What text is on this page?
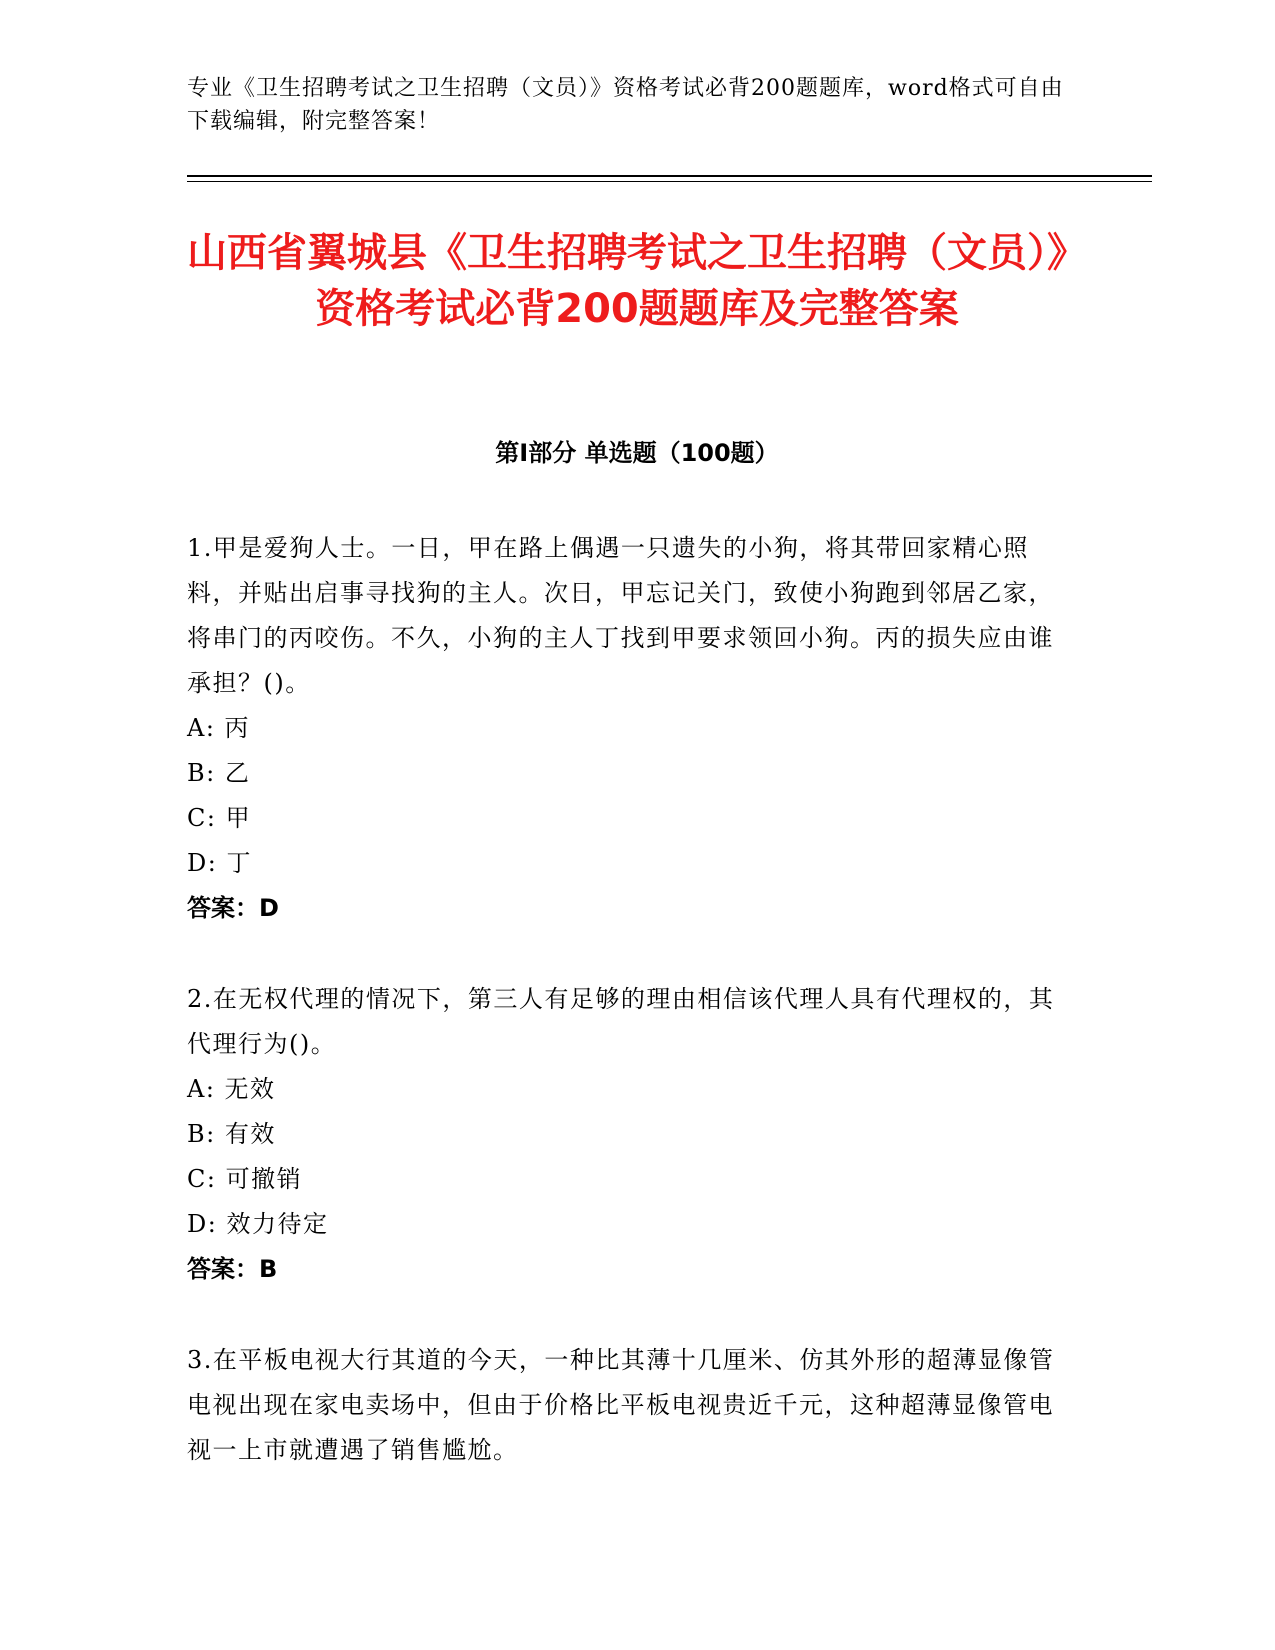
专业《卫生招聘考试之卫生招聘（文员）》资格考试必背200题题库，word格式可自由下载编辑，附完整答案！
山西省翼城县《卫生招聘考试之卫生招聘（文员）》资格考试必背200题题库及完整答案
第I部分 单选题（100题）

1.甲是爱狗人士。一日，甲在路上偶遇一只遗失的小狗，将其带回家精心照料，并贴出启事寻找狗的主人。次日，甲忘记关门，致使小狗跑到邻居乙家，将串门的丙咬伤。不久，小狗的主人丁找到甲要求领回小狗。丙的损失应由谁承担？()。

A: 丙

B: 乙

C: 甲

D: 丁

答案：D

2.在无权代理的情况下，第三人有足够的理由相信该代理人具有代理权的，其代理行为()。

A: 无效

B: 有效

C: 可撤销

D: 效力待定

答案：B

3.在平板电视大行其道的今天，一种比其薄十几厘米、仿其外形的超薄显像管电视出现在家电卖场中，但由于价格比平板电视贵近千元，这种超薄显像管电视一上市就遭遇了销售尴尬。
